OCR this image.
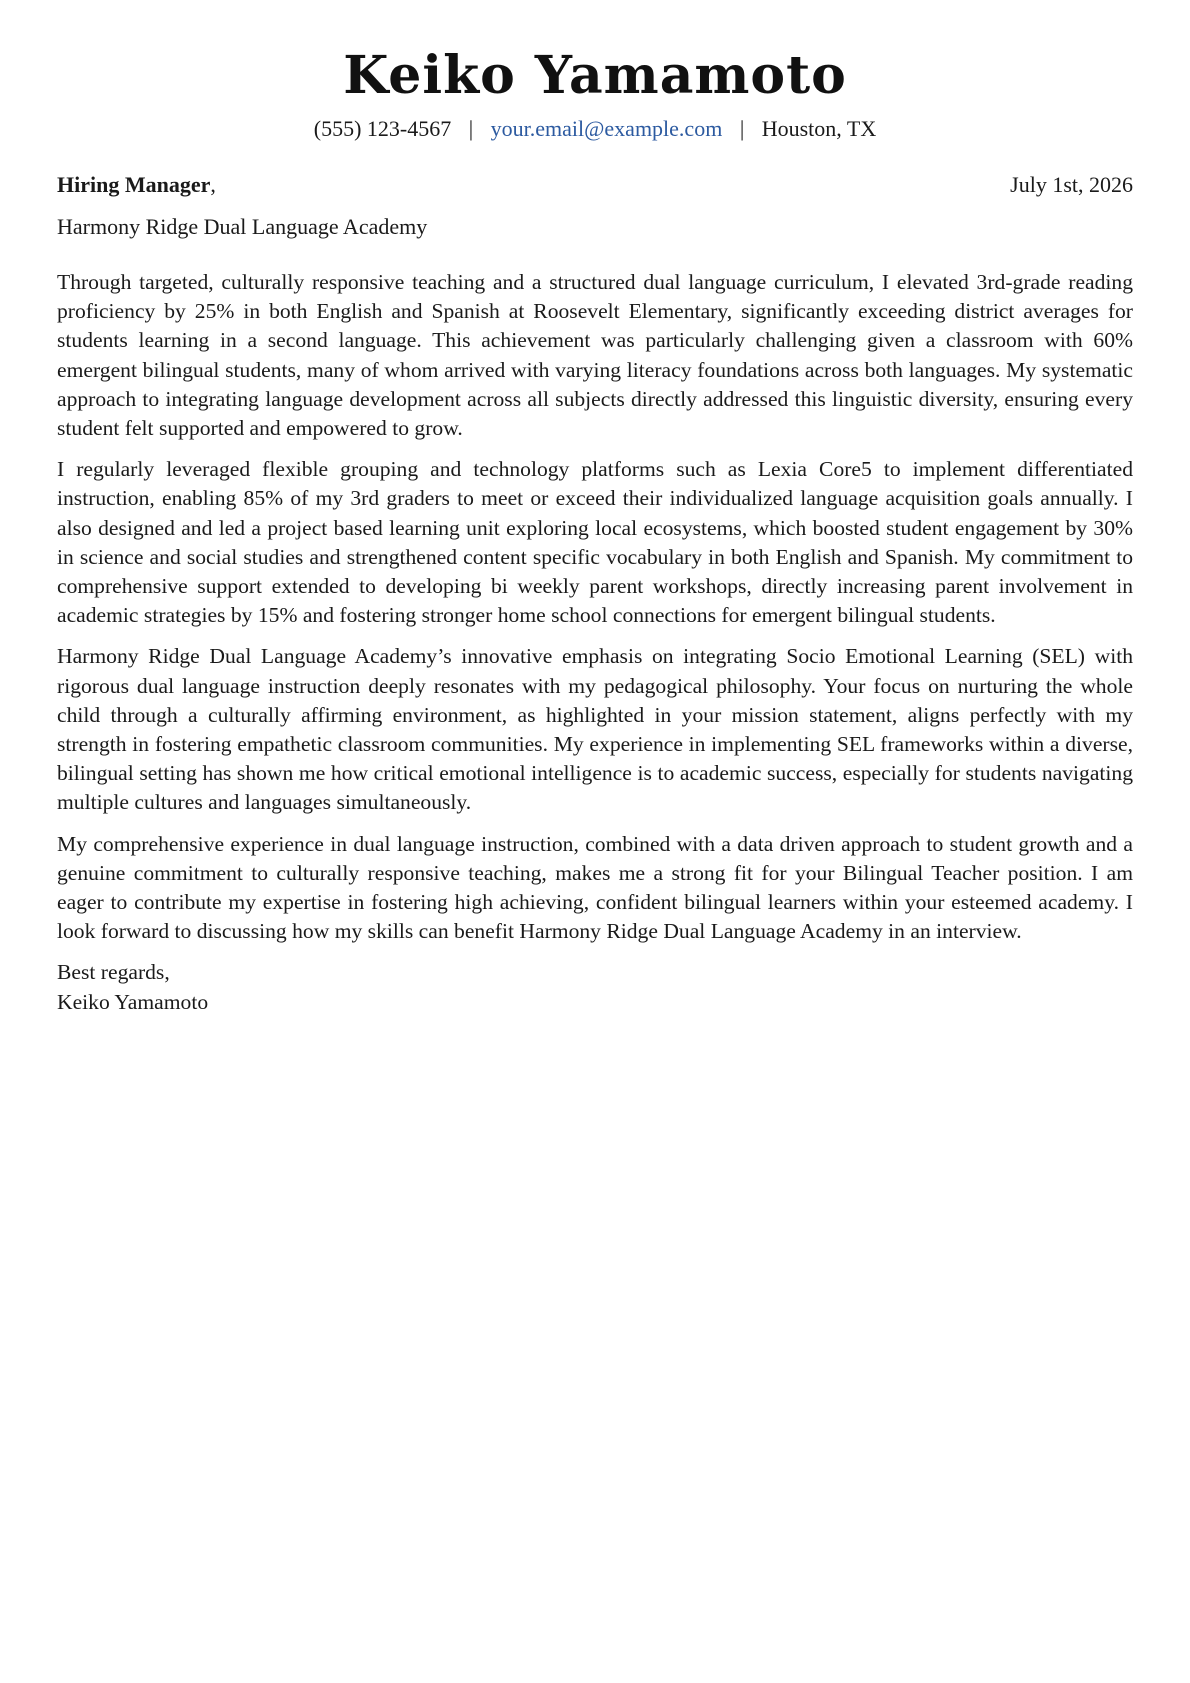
Keiko Yamamoto
(555) 123-4567 | your.email@example.com | Houston, TX
Hiring Manager,	July 1st, 2026
Harmony Ridge Dual Language Academy

Through targeted, culturally responsive teaching and a structured dual language curriculum, I elevated 3rd-grade reading proficiency by 25% in both English and Spanish at Roosevelt Elementary, significantly exceeding district averages for students learning in a second language. This achievement was particularly challenging given a classroom with 60% emergent bilingual students, many of whom arrived with varying literacy foundations across both languages. My systematic approach to integrating language development across all subjects directly addressed this linguistic diversity, ensuring every student felt supported and empowered to grow.

I regularly leveraged flexible grouping and technology platforms such as Lexia Core5 to implement differentiated instruction, enabling 85% of my 3rd graders to meet or exceed their individualized language acquisition goals annually. I also designed and led a project based learning unit exploring local ecosystems, which boosted student engagement by 30% in science and social studies and strengthened content specific vocabulary in both English and Spanish. My commitment to comprehensive support extended to developing bi weekly parent workshops, directly increasing parent involvement in academic strategies by 15% and fostering stronger home school connections for emergent bilingual students.

Harmony Ridge Dual Language Academy’s innovative emphasis on integrating Socio Emotional Learning (SEL) with rigorous dual language instruction deeply resonates with my pedagogical philosophy. Your focus on nurturing the whole child through a culturally affirming environment, as highlighted in your mission statement, aligns perfectly with my strength in fostering empathetic classroom communities. My experience in implementing SEL frameworks within a diverse, bilingual setting has shown me how critical emotional intelligence is to academic success, especially for students navigating multiple cultures and languages simultaneously.

My comprehensive experience in dual language instruction, combined with a data driven approach to student growth and a genuine commitment to culturally responsive teaching, makes me a strong fit for your Bilingual Teacher position. I am eager to contribute my expertise in fostering high achieving, confident bilingual learners within your esteemed academy. I look forward to discussing how my skills can benefit Harmony Ridge Dual Language Academy in an interview.

Best regards,
Keiko Yamamoto
